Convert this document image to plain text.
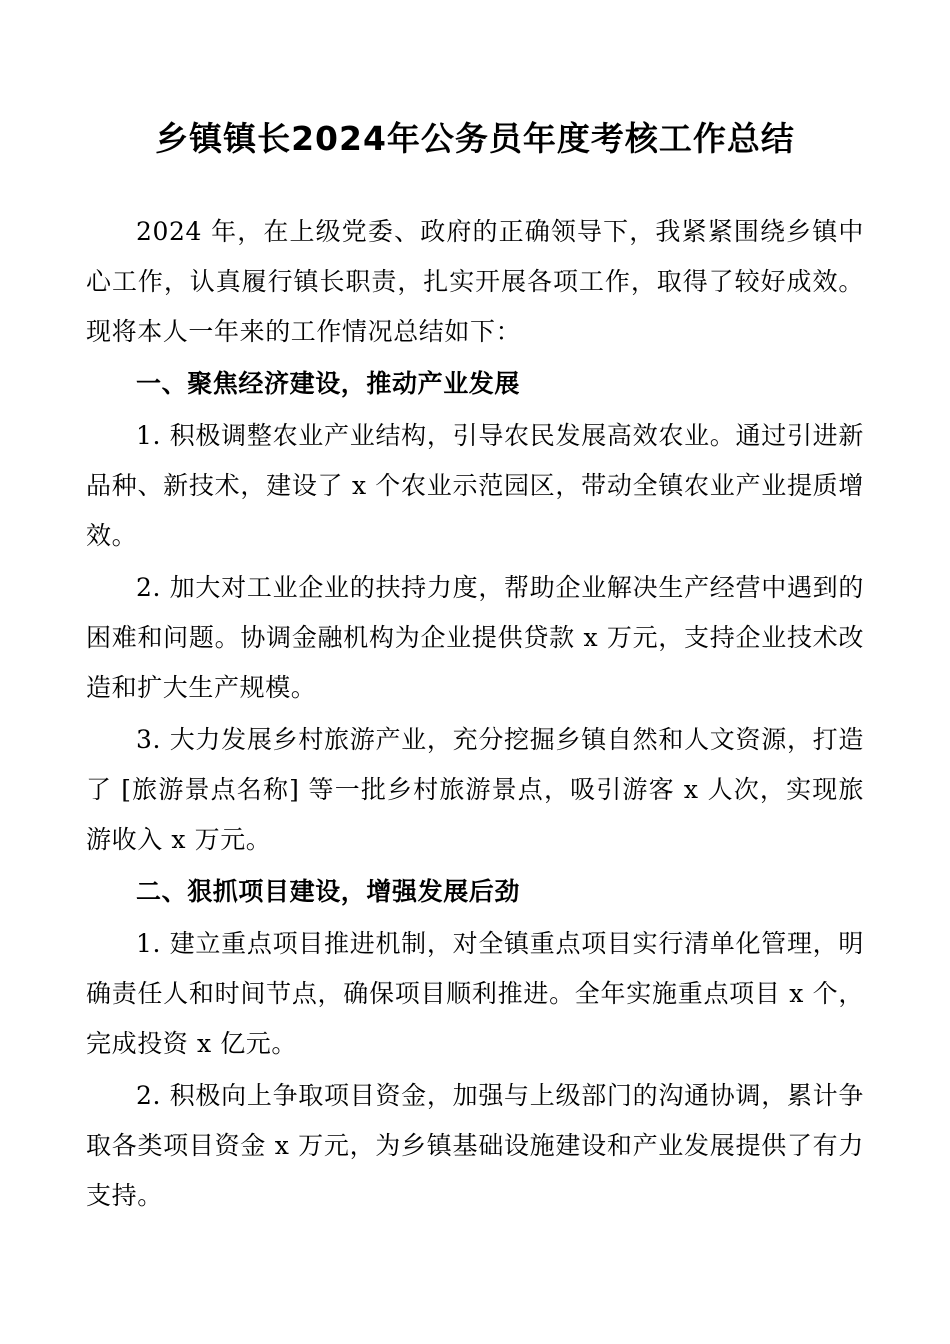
乡镇镇长2024年公务员年度考核工作总结

2024 年，在上级党委、政府的正确领导下，我紧紧围绕乡镇中心工作，认真履行镇长职责，扎实开展各项工作，取得了较好成效。现将本人一年来的工作情况总结如下：

一、聚焦经济建设，推动产业发展

1. 积极调整农业产业结构，引导农民发展高效农业。通过引进新品种、新技术，建设了 x 个农业示范园区，带动全镇农业产业提质增效。

2. 加大对工业企业的扶持力度，帮助企业解决生产经营中遇到的困难和问题。协调金融机构为企业提供贷款 x 万元，支持企业技术改造和扩大生产规模。

3. 大力发展乡村旅游产业，充分挖掘乡镇自然和人文资源，打造了 [旅游景点名称] 等一批乡村旅游景点，吸引游客 x 人次，实现旅游收入 x 万元。

二、狠抓项目建设，增强发展后劲

1. 建立重点项目推进机制，对全镇重点项目实行清单化管理，明确责任人和时间节点，确保项目顺利推进。全年实施重点项目 x 个，完成投资 x 亿元。

2. 积极向上争取项目资金，加强与上级部门的沟通协调，累计争取各类项目资金 x 万元，为乡镇基础设施建设和产业发展提供了有力支持。
